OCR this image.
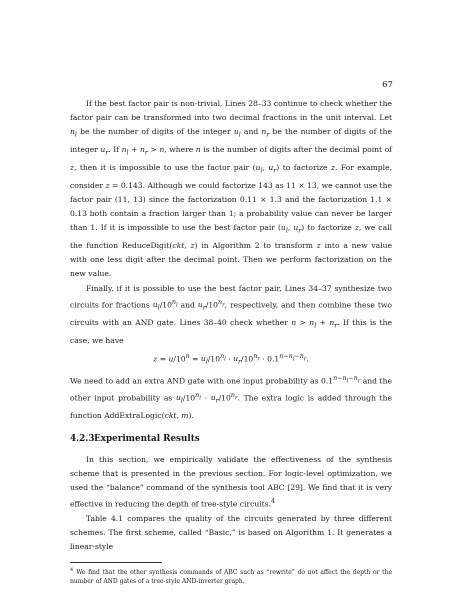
67

If the best factor pair is non-trivial, Lines 28–33 continue to check whether the factor pair can be transformed into two decimal fractions in the unit interval. Let $n_l$ be the number of digits of the integer $u_l$ and $n_r$ be the number of digits of the integer $u_r$. If $n_l + n_r > n$, where n is the number of digits after the decimal point of z, then it is impossible to use the factor pair ($u_l$, $u_r$) to factorize z. For example, consider z = 0.143. Although we could factorize 143 as 11 × 13, we cannot use the factor pair (11, 13) since the factorization 0.11 × 1.3 and the factorization 1.1 × 0.13 both contain a fraction larger than 1; a probability value can never be larger than 1. If it is impossible to use the best factor pair ($u_l$, $u_r$) to factorize z, we call the function ReduceDigit(ckt, z) in Algorithm 2 to transform z into a new value with one less digit after the decimal point. Then we perform factorization on the new value.

Finally, if it is possible to use the best factor pair, Lines 34–37 synthesize two circuits for fractions $u_l/10^{n_l}$ and $u_r/10^{n_r}$, respectively, and then combine these two circuits with an AND gate. Lines 38–40 check whether $n > n_l + n_r$. If this is the case, we have

$z = u/10^n = u_l/10^{n_l} \cdot u_r/10^{n_r} \cdot 0.1^{n-n_l-n_r}$.

We need to add an extra AND gate with one input probability as $0.1^{n-n_l-n_r}$ and the other input probability as $u_l/10^{n_l} \cdot u_r/10^{n_r}$. The extra logic is added through the function AddExtraLogic(ckt, m).

4.2.3Experimental Results

In this section, we empirically validate the effectiveness of the synthesis scheme that is presented in the previous section. For logic-level optimization, we used the “balance” command of the synthesis tool ABC [29]. We find that it is very effective in reducing the depth of tree-style circuits.$^4$

Table 4.1 compares the quality of the circuits generated by three different schemes. The first scheme, called “Basic,” is based on Algorithm 1. It generates a linear-style

$^4$ We find that the other synthesis commands of ABC such as “rewrite” do not affect the depth or the number of AND gates of a tree-style AND-inverter graph.
